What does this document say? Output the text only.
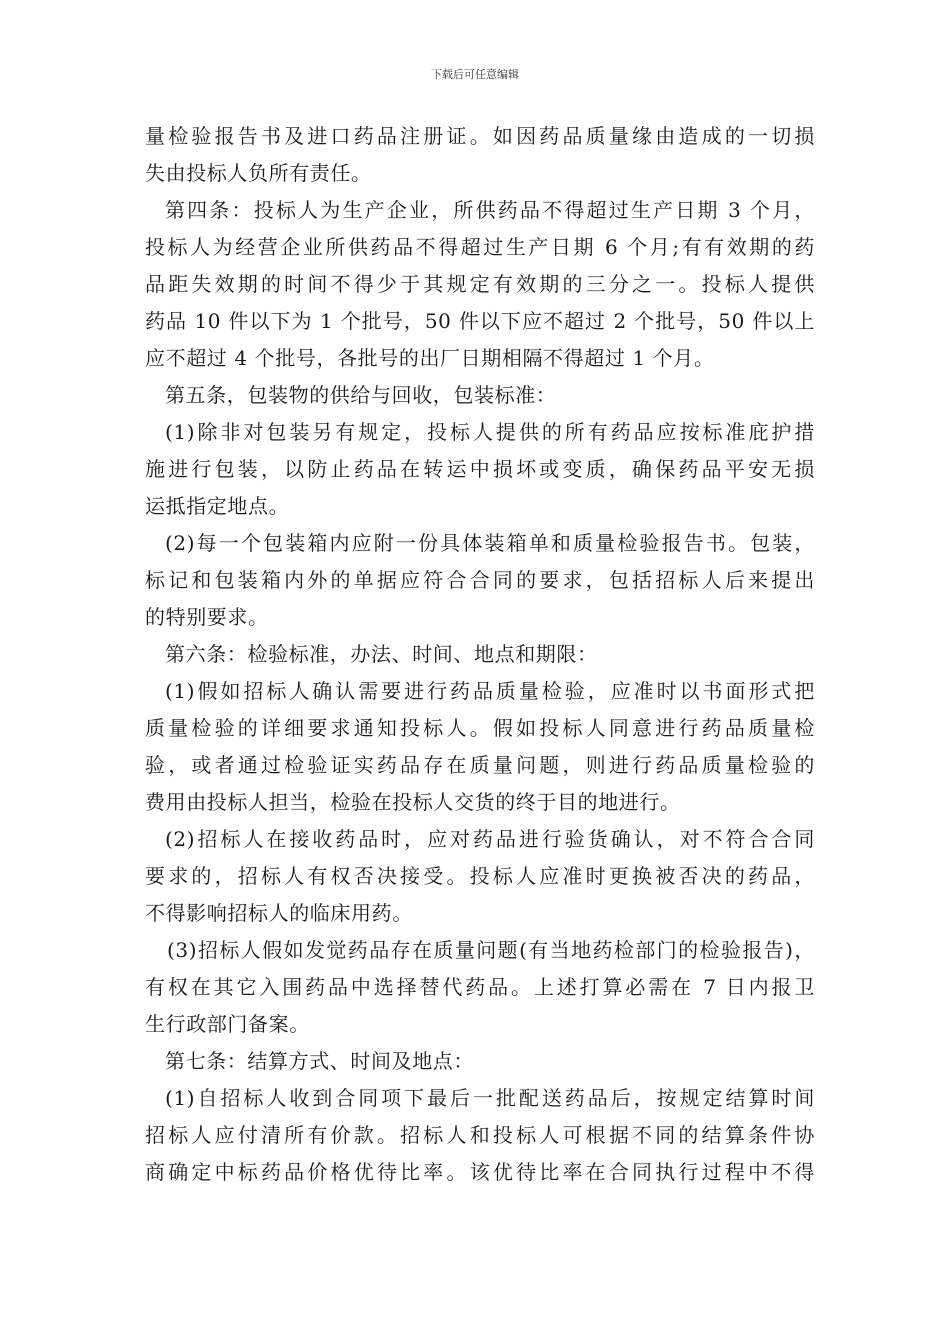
下载后可任意编辑
量检验报告书及进口药品注册证。如因药品质量缘由造成的一切损
失由投标人负所有责任。
第四条：投标人为生产企业，所供药品不得超过生产日期 3 个月，
投标人为经营企业所供药品不得超过生产日期 6 个月;有有效期的药
品距失效期的时间不得少于其规定有效期的三分之一。投标人提供
药品 10 件以下为 1 个批号，50 件以下应不超过 2 个批号，50 件以上
应不超过 4 个批号，各批号的出厂日期相隔不得超过 1 个月。
第五条，包装物的供给与回收，包装标准：
(1)除非对包装另有规定，投标人提供的所有药品应按标准庇护措
施进行包装，以防止药品在转运中损坏或变质，确保药品平安无损
运抵指定地点。
(2)每一个包装箱内应附一份具体装箱单和质量检验报告书。包装，
标记和包装箱内外的单据应符合合同的要求，包括招标人后来提出
的特别要求。
第六条：检验标准，办法、时间、地点和期限：
(1)假如招标人确认需要进行药品质量检验，应准时以书面形式把
质量检验的详细要求通知投标人。假如投标人同意进行药品质量检
验，或者通过检验证实药品存在质量问题，则进行药品质量检验的
费用由投标人担当，检验在投标人交货的终于目的地进行。
(2)招标人在接收药品时，应对药品进行验货确认，对不符合合同
要求的，招标人有权否决接受。投标人应准时更换被否决的药品，
不得影响招标人的临床用药。
(3)招标人假如发觉药品存在质量问题(有当地药检部门的检验报告)，
有权在其它入围药品中选择替代药品。上述打算必需在 7 日内报卫
生行政部门备案。
第七条：结算方式、时间及地点：
(1)自招标人收到合同项下最后一批配送药品后，按规定结算时间
招标人应付清所有价款。招标人和投标人可根据不同的结算条件协
商确定中标药品价格优待比率。该优待比率在合同执行过程中不得
